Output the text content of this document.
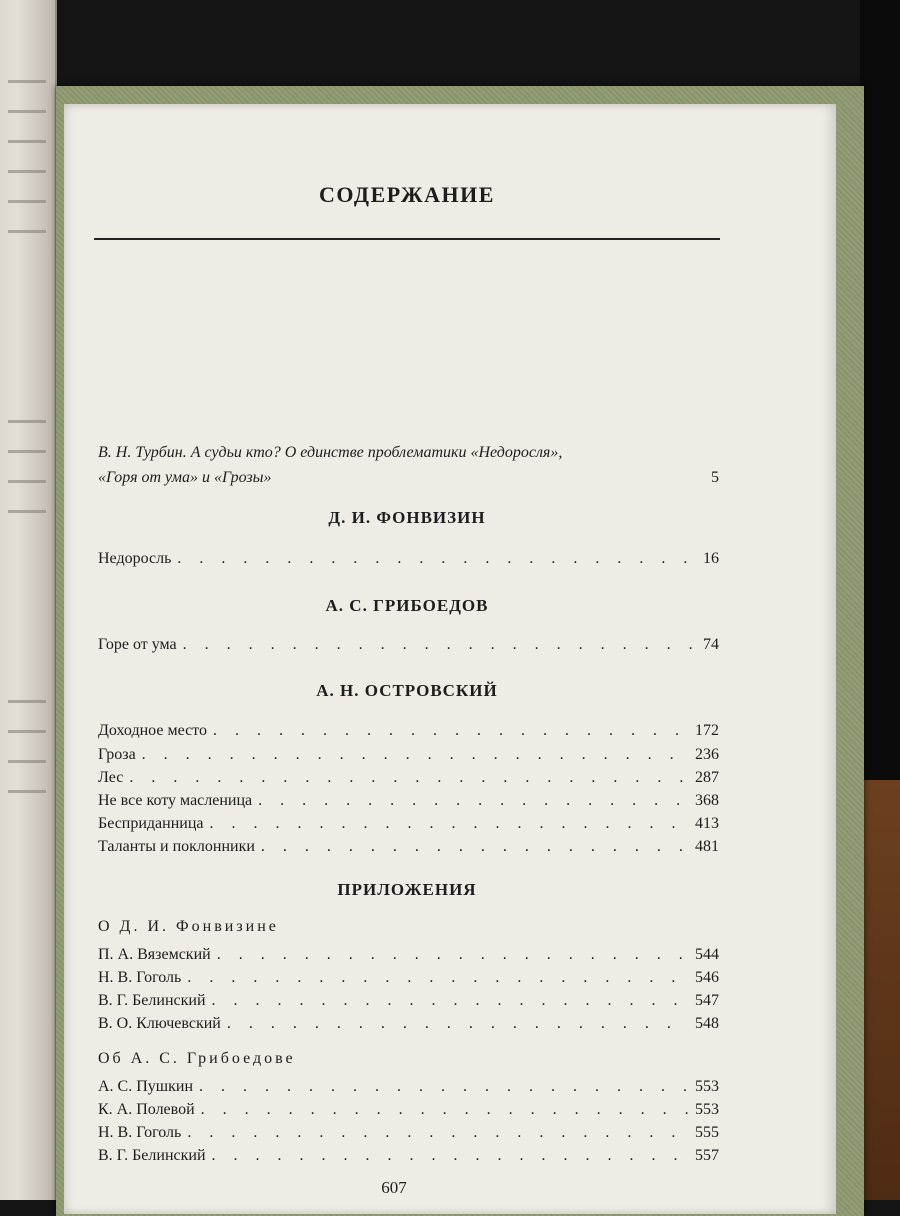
СОДЕРЖАНИЕ
В. Н. Турбин. А судьи кто? О единстве проблематики «Недоросля»,
«Горя от ума» и «Грозы»	5
Д. И. ФОНВИЗИН
Недоросль . . .	16
А. С. ГРИБОЕДОВ
Горе от ума . . .	74
А. Н. ОСТРОВСКИЙ
Доходное место . . .	172
Гроза . . .	236
Лес . . .	287
Не все коту масленица . . .	368
Бесприданница . . .	413
Таланты и поклонники . . .	481
ПРИЛОЖЕНИЯ
О Д. И. Фонвизине
П. А. Вяземский . . .	544
Н. В. Гоголь . . .	546
В. Г. Белинский . . .	547
В. О. Ключевский . . .	548
Об А. С. Грибоедове
А. С. Пушкин . . .	553
К. А. Полевой . . .	553
Н. В. Гоголь . . .	555
В. Г. Белинский . . .	557
607
